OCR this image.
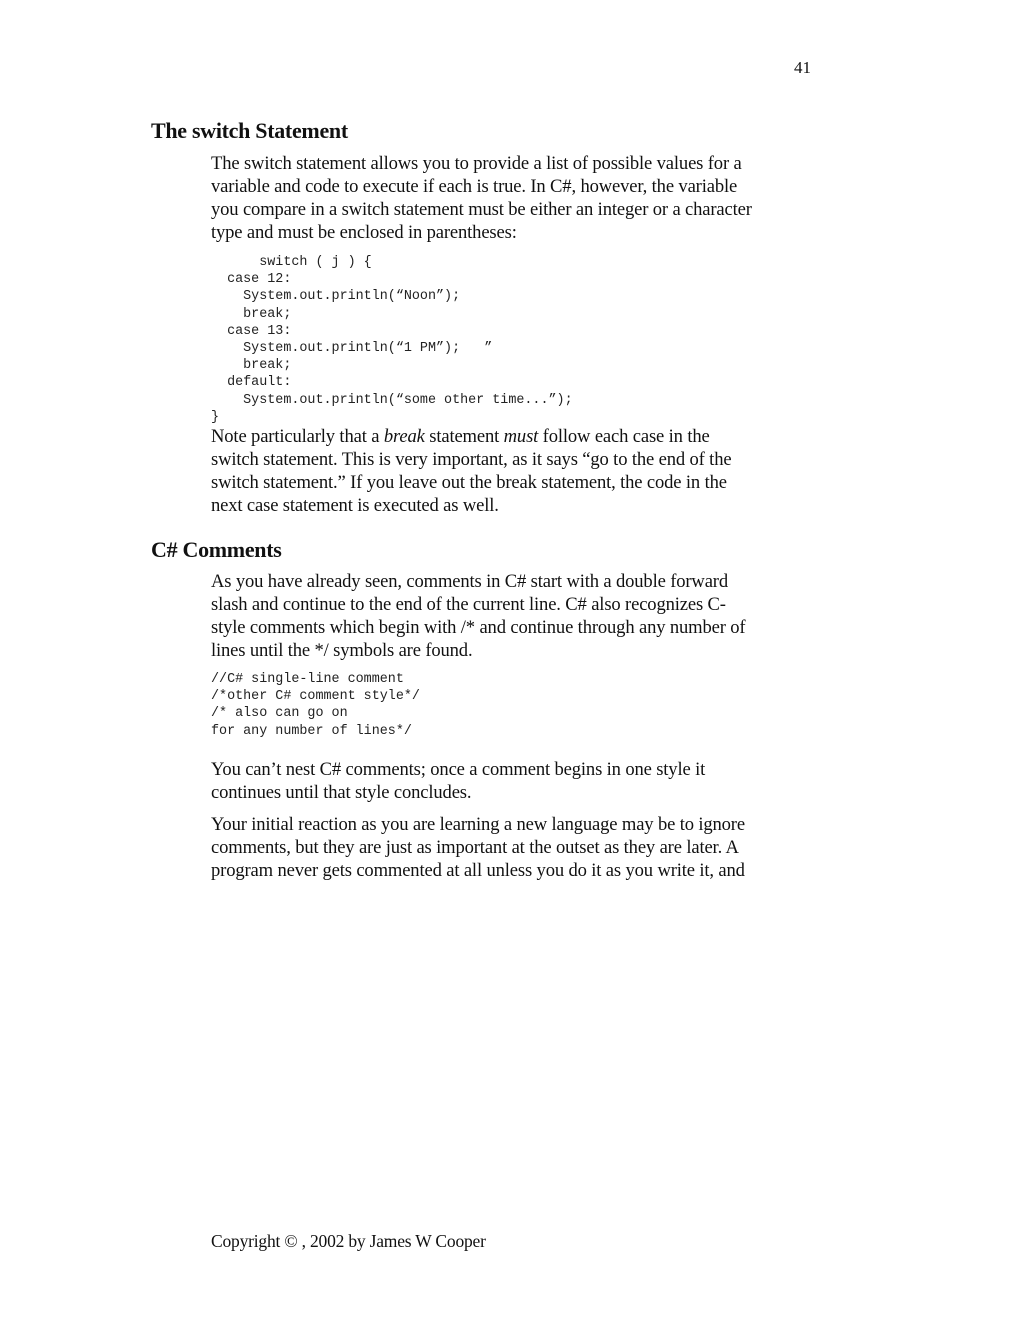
41
The switch Statement

The switch statement allows you to provide a list of possible values for a
variable and code to execute if each is true. In C#, however, the variable
you compare in a switch statement must be either an integer or a character
type and must be enclosed in parentheses:

switch ( j ) {
case 12:
System.out.println(“Noon”);
break;
case 13:
System.out.println(“1 PM”);   ”
break;
default:
System.out.println(“some other time...”);
}

Note particularly that a break statement must follow each case in the
switch statement. This is very important, as it says “go to the end of the
switch statement.” If you leave out the break statement, the code in the
next case statement is executed as well.

C# Comments

As you have already seen, comments in C# start with a double forward
slash and continue to the end of the current line. C# also recognizes C-
style comments which begin with /* and continue through any number of
lines until the */ symbols are found.

//C# single-line comment
/*other C# comment style*/
/* also can go on
for any number of lines*/

You can’t nest C# comments; once a comment begins in one style it
continues until that style concludes.

Your initial reaction as you are learning a new language may be to ignore
comments, but they are just as important at the outset as they are later. A
program never gets commented at all unless you do it as you write it, and

Copyright © , 2002 by James W Cooper
